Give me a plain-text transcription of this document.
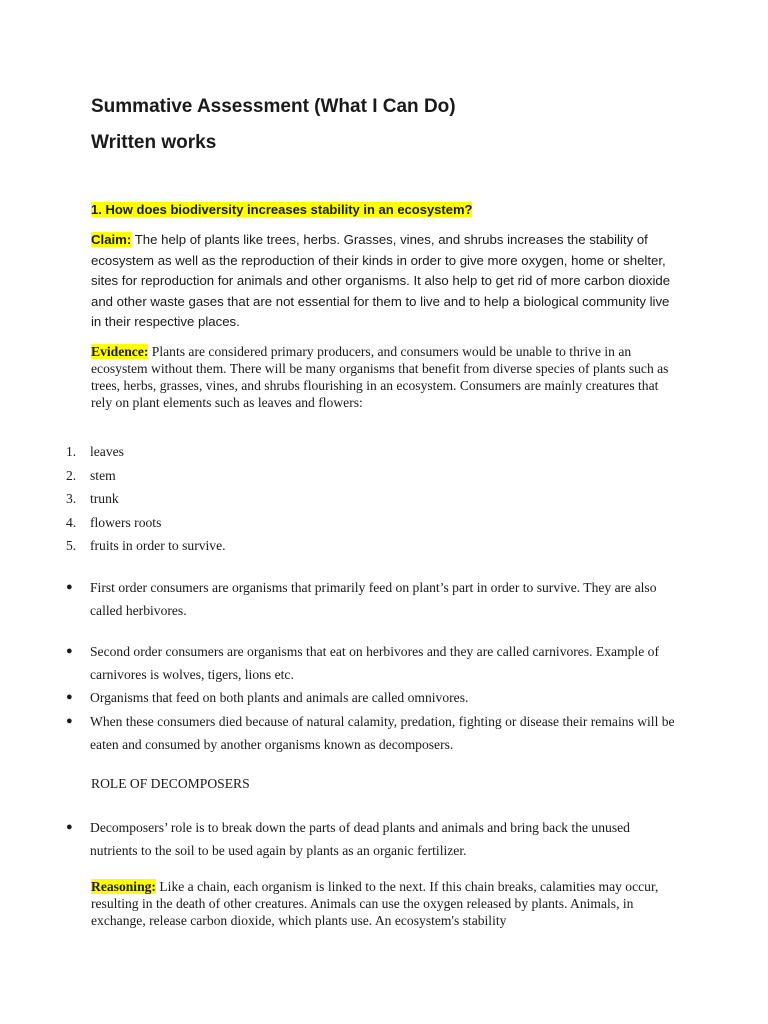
Summative Assessment (What I Can Do)
Written works
1. How does biodiversity increases stability in an ecosystem?

Claim: The help of plants like trees, herbs. Grasses, vines, and shrubs increases the stability of ecosystem as well as the reproduction of their kinds in order to give more oxygen, home or shelter, sites for reproduction for animals and other organisms. It also help to get rid of more carbon dioxide and other waste gases that are not essential for them to live and to help a biological community live in their respective places.

Evidence: Plants are considered primary producers, and consumers would be unable to thrive in an ecosystem without them. There will be many organisms that benefit from diverse species of plants such as trees, herbs, grasses, vines, and shrubs flourishing in an ecosystem. Consumers are mainly creatures that rely on plant elements such as leaves and flowers:

1.	leaves
2.	stem
3.	trunk
4.	flowers roots
5.	fruits in order to survive.
● First order consumers are organisms that primarily feed on plant’s part in order to survive. They are also called herbivores.
● Second order consumers are organisms that eat on herbivores and they are called carnivores. Example of carnivores is wolves, tigers, lions etc.
● Organisms that feed on both plants and animals are called omnivores.
● When these consumers died because of natural calamity, predation, fighting or disease their remains will be eaten and consumed by another organisms known as decomposers.
ROLE OF DECOMPOSERS
● Decomposers’ role is to break down the parts of dead plants and animals and bring back the unused nutrients to the soil to be used again by plants as an organic fertilizer.

Reasoning: Like a chain, each organism is linked to the next. If this chain breaks, calamities may occur, resulting in the death of other creatures. Animals can use the oxygen released by plants. Animals, in exchange, release carbon dioxide, which plants use. An ecosystem's stability
